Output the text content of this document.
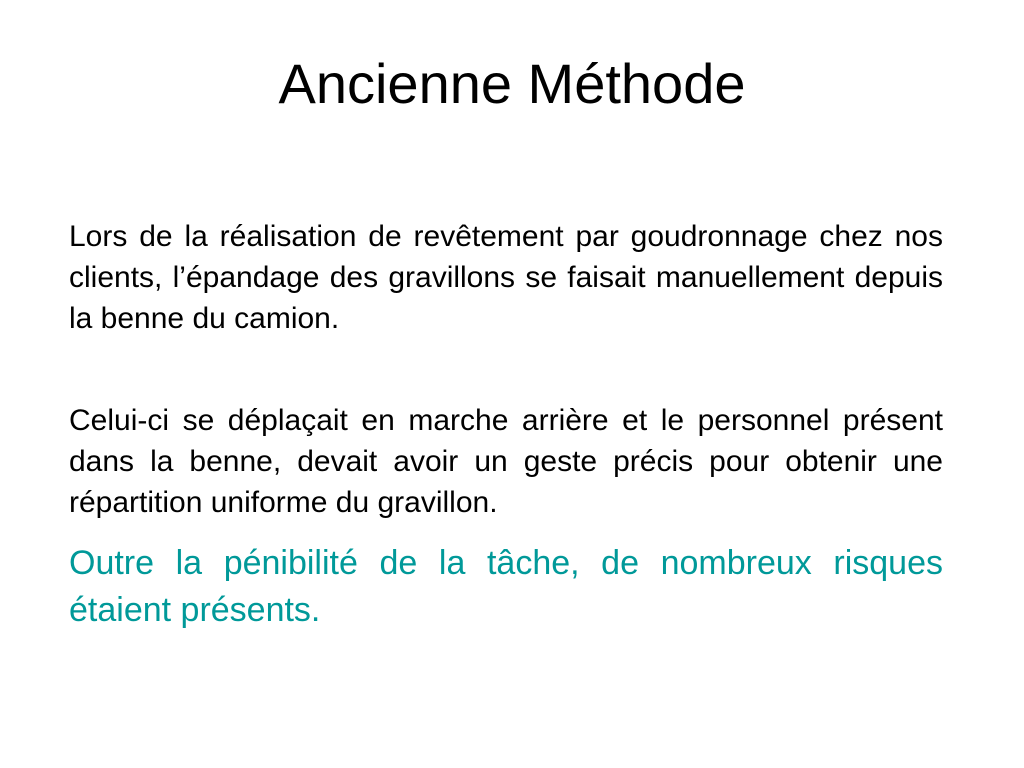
Ancienne Méthode

Lors de la réalisation de revêtement par goudronnage chez nos clients, l’épandage des gravillons se faisait manuellement depuis la benne du camion.

Celui-ci se déplaçait en marche arrière et le personnel présent dans la benne, devait avoir un geste précis pour obtenir une répartition uniforme du gravillon.

Outre la pénibilité de la tâche, de nombreux risques étaient présents.
